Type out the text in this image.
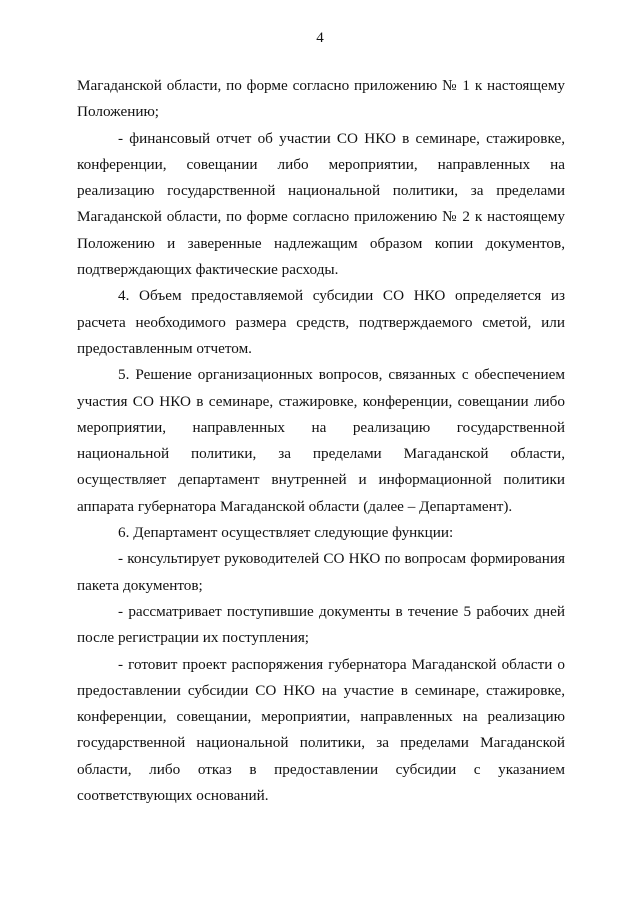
4

Магаданской области, по форме согласно приложению № 1 к настоящему Положению;

- финансовый отчет об участии СО НКО в семинаре, стажировке, конференции, совещании либо мероприятии, направленных на реализацию государственной национальной политики, за пределами Магаданской области, по форме согласно приложению № 2 к настоящему Положению и заверенные надлежащим образом копии документов, подтверждающих фактические расходы.

4. Объем предоставляемой субсидии СО НКО определяется из расчета необходимого размера средств, подтверждаемого сметой, или предоставленным отчетом.

5. Решение организационных вопросов, связанных с обеспечением участия СО НКО в семинаре, стажировке, конференции, совещании либо мероприятии, направленных на реализацию государственной национальной политики, за пределами Магаданской области, осуществляет департамент внутренней и информационной политики аппарата губернатора Магаданской области (далее – Департамент).

6. Департамент осуществляет следующие функции:

- консультирует руководителей СО НКО по вопросам формирования пакета документов;

- рассматривает поступившие документы в течение 5 рабочих дней после регистрации их поступления;

- готовит проект распоряжения губернатора Магаданской области о предоставлении субсидии СО НКО на участие в семинаре, стажировке, конференции, совещании, мероприятии, направленных на реализацию государственной национальной политики, за пределами Магаданской области, либо отказ в предоставлении субсидии с указанием соответствующих оснований.
